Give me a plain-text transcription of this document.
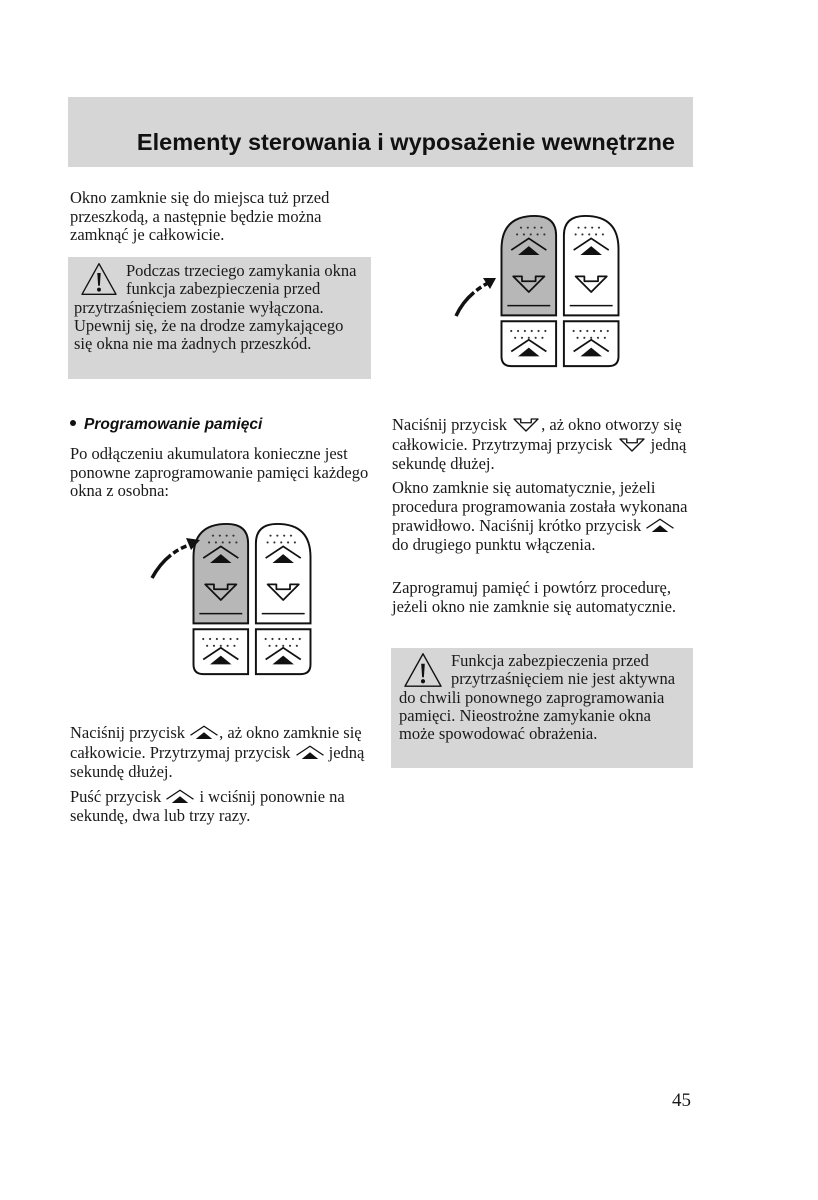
Elementy sterowania i wyposażenie wewnętrzne

Okno zamknie się do miejsca tuż przed przeszkodą, a następnie będzie można zamknąć je całkowicie.

Podczas trzeciego zamykania okna funkcja zabezpieczenia przed przytrzaśnięciem zostanie wyłączona. Upewnij się, że na drodze zamykającego się okna nie ma żadnych przeszkód.

Programowanie pamięci

Po odłączeniu akumulatora konieczne jest ponowne zaprogramowanie pamięci każdego okna z osobna:

Naciśnij przycisk , aż okno zamknie się całkowicie. Przytrzymaj przycisk jedną sekundę dłużej.

Puść przycisk i wciśnij ponownie na sekundę, dwa lub trzy razy.

Naciśnij przycisk , aż okno otworzy się całkowicie. Przytrzymaj przycisk jedną sekundę dłużej.

Okno zamknie się automatycznie, jeżeli procedura programowania została wykonana prawidłowo. Naciśnij krótko przycisk  do drugiego punktu włączenia.

Zaprogramuj pamięć i powtórz procedurę, jeżeli okno nie zamknie się automatycznie.

Funkcja zabezpieczenia przed przytrzaśnięciem nie jest aktywna do chwili ponownego zaprogramowania pamięci. Nieostrożne zamykanie okna może spowodować obrażenia.

45
